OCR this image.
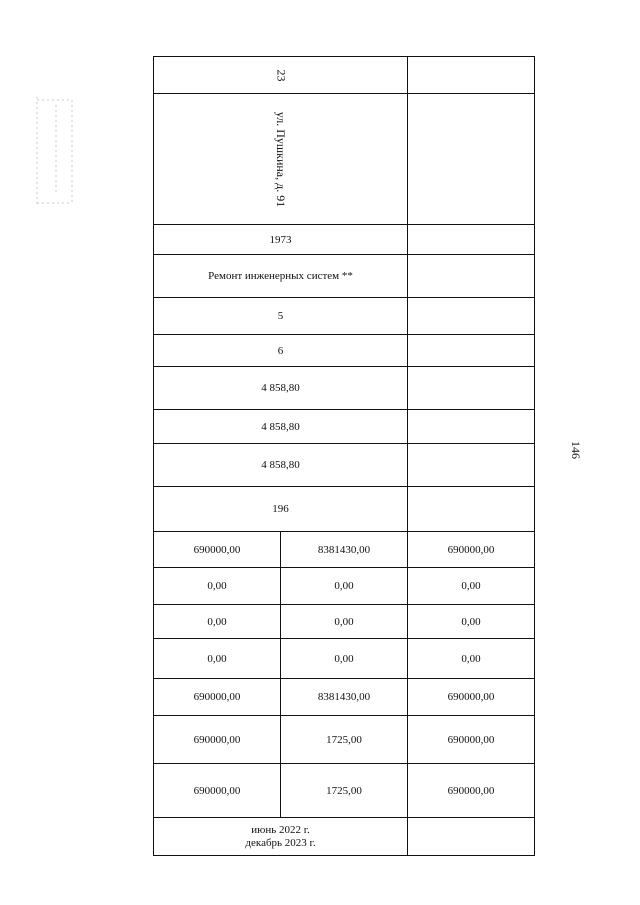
146
23		
ул. Пушкина, д. 91		
1973		
Ремонт инженерных систем **		
5		
6		
4 858,80		
4 858,80		
4 858,80		
196		
690000,00	8381430,00	690000,00
0,00	0,00	0,00
0,00	0,00	0,00
0,00	0,00	0,00
690000,00	8381430,00	690000,00
690000,00	1725,00	690000,00
690000,00	1725,00	690000,00

июнь 2022 г.
декабрь 2023 г.		
